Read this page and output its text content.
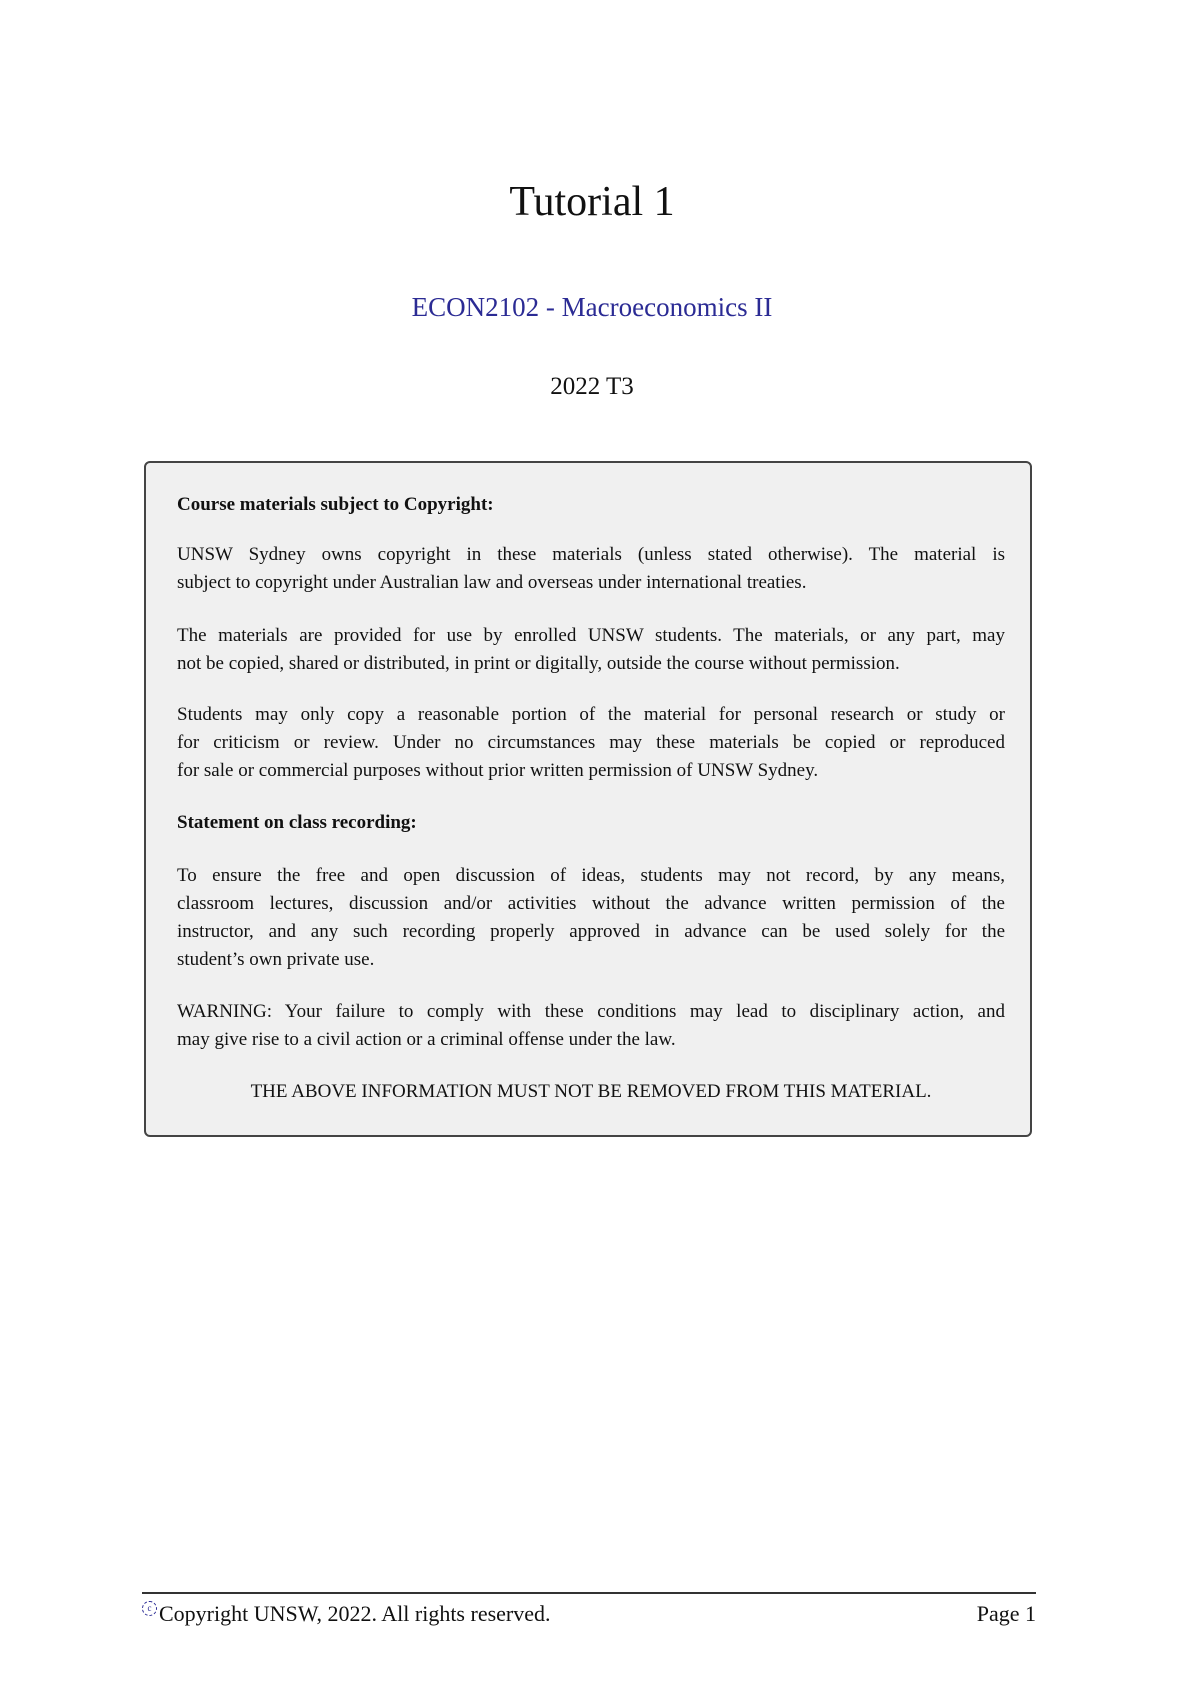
Tutorial 1
ECON2102 - Macroeconomics II
2022 T3
Course materials subject to Copyright:
UNSW Sydney owns copyright in these materials (unless stated otherwise). The material is
subject to copyright under Australian law and overseas under international treaties.
The materials are provided for use by enrolled UNSW students. The materials, or any part, may
not be copied, shared or distributed, in print or digitally, outside the course without permission.
Students may only copy a reasonable portion of the material for personal research or study or
for criticism or review. Under no circumstances may these materials be copied or reproduced
for sale or commercial purposes without prior written permission of UNSW Sydney.
Statement on class recording:
To ensure the free and open discussion of ideas, students may not record, by any means,
classroom lectures, discussion and/or activities without the advance written permission of the
instructor, and any such recording properly approved in advance can be used solely for the
student’s own private use.
WARNING: Your failure to comply with these conditions may lead to disciplinary action, and
may give rise to a civil action or a criminal offense under the law.
THE ABOVE INFORMATION MUST NOT BE REMOVED FROM THIS MATERIAL.
c Copyright UNSW, 2022. All rights reserved.	Page 1
